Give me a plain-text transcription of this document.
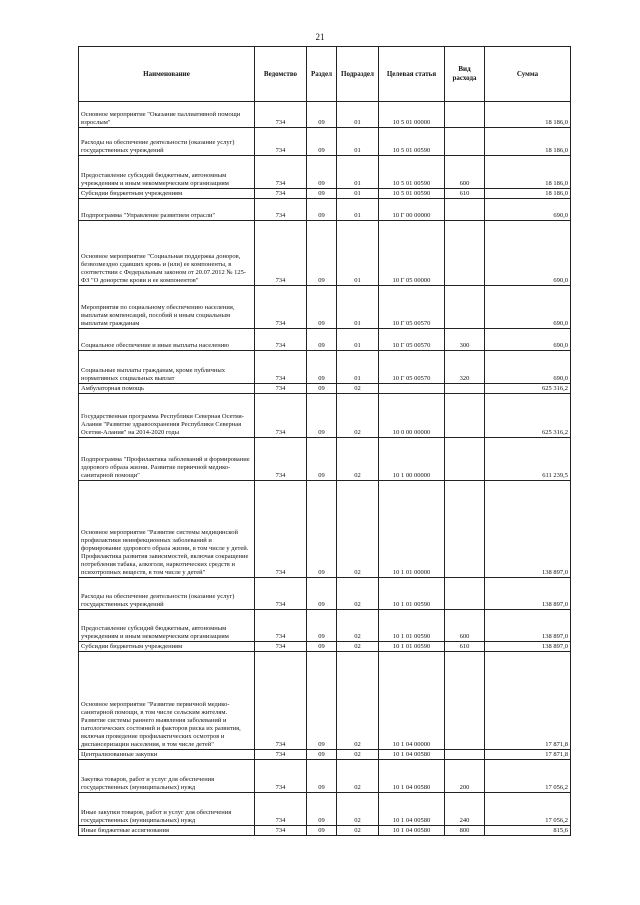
21
Наименование	Ведомство	Раздел	Подраздел	Целевая статья	Вид расхода	Сумма
Основное мероприятие "Оказание паллиативной помощи взрослым"	734	09	01	10 5 01 00000		18 186,0
Расходы на обеспечение деятельности (оказание услуг) государственных учреждений	734	09	01	10 5 01 00590		18 186,0
Предоставление субсидий бюджетным, автономным учреждениям и иным некоммерческим организациям	734	09	01	10 5 01 00590	600	18 186,0
Субсидии бюджетным учреждениям	734	09	01	10 5 01 00590	610	18 186,0
Подпрограмма "Управление развитием отрасли"	734	09	01	10 Г 00 00000		690,0
Основное мероприятие "Социальная поддержка доноров, безвозмездно сдавших кровь и (или) ее компоненты, в соответствии с Федеральным законом от 20.07.2012 № 125-ФЗ "О донорстве крови и ее компонентов"	734	09	01	10 Г 05 00000		690,0
Мероприятия по социальному обеспечению населения, выплатам компенсаций, пособий и иным социальным выплатам гражданам	734	09	01	10 Г 05 00570		690,0
Социальное обеспечение и иные выплаты населению	734	09	01	10 Г 05 00570	300	690,0
Социальные выплаты гражданам, кроме публичных нормативных социальных выплат	734	09	01	10 Г 05 00570	320	690,0
Амбулаторная помощь	734	09	02			625 316,2
Государственная программа Республики Северная Осетия-Алания "Развитие здравоохранения Республики Северная Осетия-Алания" на 2014-2020 годы	734	09	02	10 0 00 00000		625 316,2
Подпрограмма "Профилактика заболеваний и формирование здорового образа жизни. Развитие первичной медико-санитарной помощи"	734	09	02	10 1 00 00000		611 239,5
Основное мероприятие "Развитие системы медицинской профилактики неинфекционных заболеваний и формирование здорового образа жизни, в том числе у детей. Профилактика развития зависимостей, включая сокращение потребления табака, алкоголя, наркотических средств и психотропных веществ, в том числе у детей"	734	09	02	10 1 01 00000		138 897,0
Расходы на обеспечение деятельности (оказание услуг) государственных учреждений	734	09	02	10 1 01 00590		138 897,0
Предоставление субсидий бюджетным, автономным учреждениям и иным некоммерческим организациям	734	09	02	10 1 01 00590	600	138 897,0
Субсидии бюджетным учреждениям	734	09	02	10 1 01 00590	610	138 897,0
Основное мероприятие "Развитие первичной медико-санитарной помощи, в том числе сельским жителям. Развитие системы раннего выявления заболеваний и патологических состояний и факторов риска их развития, включая проведение профилактических осмотров и диспансеризации населения, в том числе детей"	734	09	02	10 1 04 00000		17 871,8
Централизованные закупки	734	09	02	10 1 04 00580		17 871,8
Закупка товаров, работ и услуг для обеспечения государственных (муниципальных) нужд	734	09	02	10 1 04 00580	200	17 056,2
Иные закупки товаров, работ и услуг для обеспечения государственных (муниципальных) нужд	734	09	02	10 1 04 00580	240	17 056,2
Иные бюджетные ассигнования	734	09	02	10 1 04 00580	800	815,6
